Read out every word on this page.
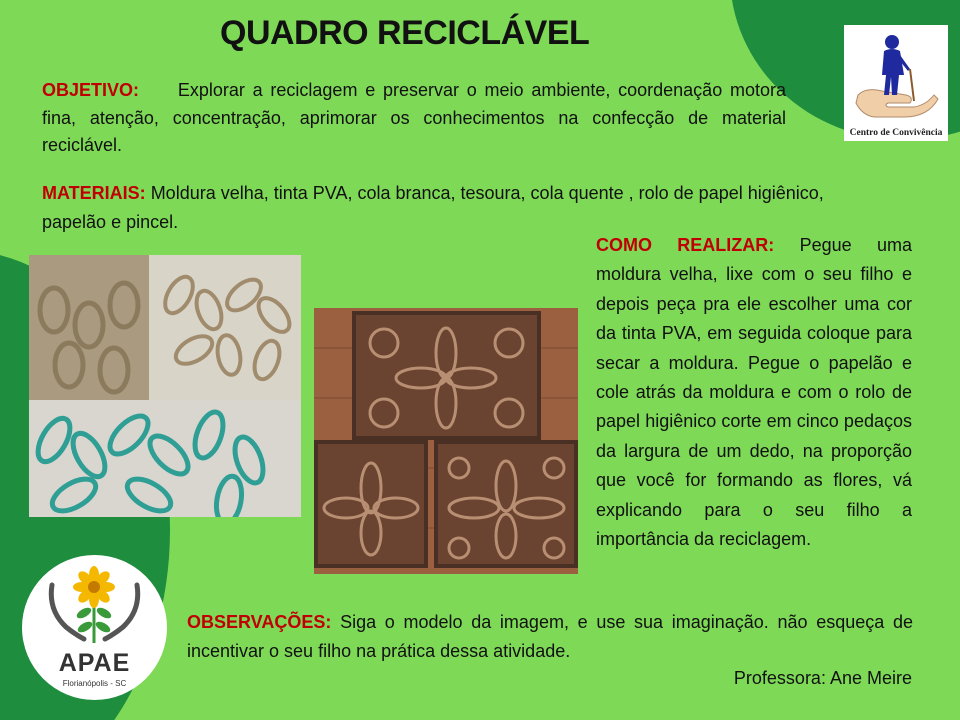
Centro de Convivência
APAE
Florianópolis - SC
QUADRO RECICLÁVEL

OBJETIVO: Explorar a reciclagem e preservar o meio ambiente, coordenação motora fina, atenção, concentração, aprimorar os conhecimentos na confecção de material reciclável.

MATERIAIS: Moldura velha, tinta PVA, cola branca, tesoura, cola quente , rolo de papel higiênico, papelão e pincel.

COMO REALIZAR: Pegue uma moldura velha, lixe com o seu filho e depois peça pra ele escolher uma cor da tinta PVA, em seguida coloque para secar a moldura. Pegue o papelão e cole atrás da moldura e com o rolo de papel higiênico corte em cinco pedaços da largura de um dedo, na proporção que você for formando as flores, vá explicando para o seu filho a importância da reciclagem.

OBSERVAÇÕES: Siga o modelo da imagem, e use sua imaginação. não esqueça de incentivar o seu filho na prática dessa atividade.

Professora: Ane Meire
